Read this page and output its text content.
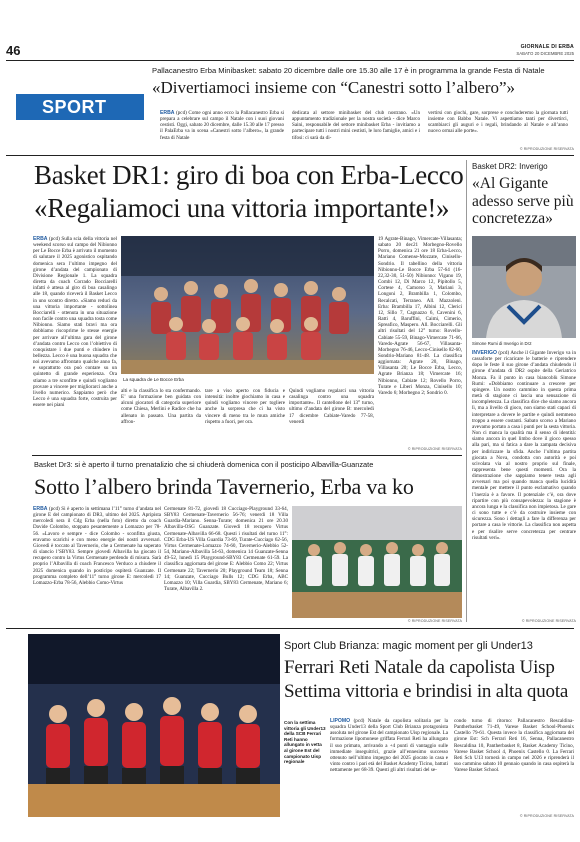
46	GIORNALE DI ERBA
SABATO 20 DICEMBRE 2025
SPORT
Pallacanestro Erba Minibasket: sabato 20 dicembre dalle ore 15.30 alle 17 è in programma la grande Festa di Natale
«Divertiamoci insieme con “Canestri sotto l’albero”»
ERBA (pcd) Come ogni anno ecco la Pallacanestro Erba si prepara a celebrare sul campo il Natale con i suoi giovani cestisti. Oggi, sabato 20 dicembre, dalle 15.30 alle 17 presso il PalaErba va in scena «Canestri sotto l’albero», la grande festa di Natale
dedicata al settore minibasket del club nostrano. «Un appuntamento tradizionale per la nostra società - dice Marco Saini, responsabile del settore minibasket Erba - invitiamo a partecipare tutti i nostri mini cestisti, le loro famiglie, amici e i tifosi: ci sarà da di-
vertirsi con giochi, gare, sorprese e concluderemo la giornata tutti insieme con Babbo Natale. Vi aspettiamo tanti per divertirci, scambiarci gli auguri e i regali, brindando al Natale e all’anno nuovo ormai alle porte».
© RIPRODUZIONE RISERVATA
Basket DR1: giro di boa con Erba-Lecco
«Regaliamoci una vittoria importante!»
ERBA (pcd) Sulla scia della vittoria nel weekend scorso sul campo del Nibionno per Le Bocce Erba è arrivato il momento di salutare il 2025 agonistico ospitando domenica sera l’ultimo impegno del girone d’andata del campionato di Divisione Regionale 1. La squadra diretta da coach Corrado Bocciarelli infatti è attesa al giro di boa casalingo alle 18, quando riceverà il Basket Lecco in uno scontro diretto. «Siamo reduci da una vittoria importante - sottolinea Bocciarelli - ottenuta in una situazione non facile contro una squadra tosta come Nibionno. Siamo stati bravi ma ora dobbiamo riscoprirne le stesse energie per arrivare all’ultima gara del girone d’andata contro Lecco con l’obiettivo di conquistare i due punti e chiudere in bellezza. Lecco è una buona squadra che noi avevamo affrontato qualche anno fa, e soprattutto ora può contare su un quintetto di grande esperienza. Ora stiamo a tre sconfitte e quindi vogliamo provare a vincere per migliorarci anche a livello numerico. Sappiamo però che Lecco è una squadra forte, costruita per essere nei piani
La squadra de Le Bocce Erba
alti e la classifica lo sta confermando. E’ una formazione ben guidata con alcuni giocatori di categoria superiore come Chiesa, Merlini e Radice che ha allenato in passato. Una partita da affron-
tare a viso aperto con fiducia e intensità: inoltre giochiamo in casa e quindi vogliamo vincere per togliere anche la sorpresa che ci ha visto vincere di meno tra le mura amiche rispetto a fuori, per ora.
Quindi vogliamo regalarci una vittoria casalinga contro una squadra importante». Il cantellone del 13° turno, ultimo d’andata del girone B: mercoledì 17 dicembre Cabiate-Varedo 77-58, venerdì
19 Agrate-Binago, Vimercate-Villasanta; sabato 20 dec21 Morbegno-Rovello Porro, domenica 21 ore 18 Erba-Lecco, Mariano Comense-Mozzate, Cinisello-Sondrio. Il tabellino della vittoria Nibionno-Le Bocce Erba 57-64 (16-22,32-30, 51-50) Nibionno: Vigano 19, Combi 12, Di Marco 12, Pipitollo 5, Cortese 4, Camorso 3, Mariani 3, Longoni 2, Brambilla 1, Colombo, Recalcati, Terraneo. All. Mazzoleni. Erba: Brambilla 17, Albini 12, Clerici 12, Sillo 7, Cagnazzo 6, Cavenini 6, Ratti 4, Baruffini, Caimi, Cimerio, Spreafico, Maspero. All. Bocciarelli. Gli altri risultati del 12° turno: Rovello-Cabiate 55-59, Binago-Vimercate 71-66, Varedo-Agrate 56-67, Villasanta-Morbegno 76-46, Lecco-Cinisello 82-60, Sondrio-Mariano 81-48. La classifica aggiornata: Agrate 20, Binago, Villasanta 20; Le Bocce Erba, Lecco, Agrate Brianza 18; Vimercate 16; Nibionno, Cabiate 12; Rovello Porro, Turate e Liberi Monza, Cinisello 10; Varedo 6; Morbegno 2; Sondrio 0.
© RIPRODUZIONE RISERVATA
Basket DR2: Inverigo
«Al Gigante adesso serve più concretezza»
Simone Rumi di Inverigo in Dr2
INVERIGO (pcd) Anche il Gigante Inverigo va in cassaforte per ricaricare le batterie e riprendere dopo le feste il suo girone d’andata chiudendo il girone d’andata di DR2 ospite della Geriatrico Monza. Fa il punto in casa biancoblù Simone Rumi: «Dobbiamo continuare a crescere per spingere. Un nostro cammino in questa prima metà di stagione ci lascia una sensazione di incompletezza. La classifica dice che siamo ancora lì, ma a livello di gioco, non siamo stati capaci di interpretare a dovere le partite e quindi nemmeno troppo a essere costanti. Sabato scorso a Mariano avevamo portato a casa i punti per la sesta vittoria. Non ci manca la qualità ma il senso di identità: siamo ancora in quel limbo dove il gioco spesso alla pari, ma si fatica a dare la zampata decisiva per indirizzare la sfida. Anche l’ultima partita giocata a Nova, condotta con autorità e poi scivolata via al nostro proprio sul finale, rappresenta bene questi momenti. Ora la dimostrazione che sappiamo tenere testa agli avversari ma poi quando manca quella lucidità mentale per mettere il punto esclamativo quando l’inerzia è a favore. Il potenziale c’è, ora dove ripartire con più consapevolezza: la stagione è ancora lunga e la classifica non impietosa. Le gare ci sono tutte e c’è da costruire insieme con sicurezza. Sono i dettagli a fare la differenza per portare a casa le vittorie. La classifica non aspetta e per risalire serve concretezza per centrare risultati veri».
© RIPRODUZIONE RISERVATA
Basket Dr3: si è aperto il turno prenatalizio che si chiuderà domenica con il posticipo Albavilla-Guanzate
Sotto l’albero brinda Tavernerio, Erba va ko
ERBA (pcd) Si è aperto in settimana l’11° turno d’andata nel girone E del campionato di DR3, ultimo del 2025. Apripista mercoledì sera il Cdg Erba (nella foto) diretto da coach Davide Colombo, stoppato pesantemente a Lomazzo per 78-56. «Lavoro e sempre - dice Colombo - sconfitta giusta, eravamo scarichi e con meno energie dei nostri avversari. Giovedì è toccato al Tavernerio, che a Cermenate ha superato di slancio l’SBY83. Sempre giovedì Albavilla ha giocato il recupero contro la Virtus Cermenate perdendo di misura. Sarà proprio l’Albavilla di coach Francesco Verduco a chiudere il 2025 domenica quando in posticipo ospiterà Guanzate. Il programma completo dell’11° turno girone E: mercoledì 17 Lomazzo-Erba 78-56, Alebbio Como-Virtus
Cermenate 81-72, giovedì 18 Cucciago-Playground 33-64, SBY83 Cermenate-Tavernerio 56-76; venerdì 18 Villa Guardia-Mariano. Senna-Turate; domenica 21 ore 20.30 Albavilla-OSG Guanzate. Giovedì 18 recupero Virtus Cermenate-Albavilla 66-68. Questi i risultati del turno 11°: CDG Erba-US Villa Guardia 73-69, Turate-Cucciago 62-56, Virtus Cermenate-Lomazzo 74-60, Tavernerio-Alebbio 52-54, Mariano-Albavilla 54-63, domenica 14 Guanzate-Senna 49-52, lunedì 15 Playground-SBY83 Cermenate 61-59. La classifica aggiornata del girone E: Alebbio Como 22; Virtus Cermenate 22; Tavernerio 20; Playground Team 18; Senna 14; Guanzate, Cucciago Bulls 12; CDG Erba, ABC Lomazzo 10; Villa Guardia, SBY83 Cermenate, Mariano 6; Turate, Albavilla 2.
© RIPRODUZIONE RISERVATA
Con la settima vittoria gli Under13 della SCB Ferrari Reti hanno allungato in vetta al girone Est del campionato Uisp regionale
Sport Club Brianza: magic moment per gli Under13
Ferrari Reti Natale da capolista Uisp
Settima vittoria e brindisi in alta quota
LIPOMO (pcd) Natale da capolista solitaria per la squadra Under13 della Sport Club Brianza protagonista assoluta nel girone Est del campionato Uisp regionale. La formazione lipomonese griffata Ferrari Reti ha allungato il suo primato, arrivando a +4 punti di vantaggio sulle immediate inseguitrici, grazie all’ennesimo successo ottenuto nell’ultimo impegno del 2025 giocato in casa e vinto contro i pari età del Basket Academy Ticino, battuti nettamente per 68-39. Questi gli altri risultati del se-
condo turno di ritorno: Pallacanestro Rescaldina-Pantherbasket 71-49, Varese Basket School-Phoenix Castello 79-61. Questa invece la classifica aggiornata del girone Est: Sch Ferrari Reti 16, Senna, Pallacanestro Rescaldina 10, Pantherbasket 8, Basket Academy Ticino, Varese Basket School 4, Phoenix Castello 0. La Ferrari Reti Sch U13 tornerà in campo nel 2026 e riprenderà il suo cammino sabato 10 gennaio quando in casa ospiterà la Varese Basket School.
© RIPRODUZIONE RISERVATA
